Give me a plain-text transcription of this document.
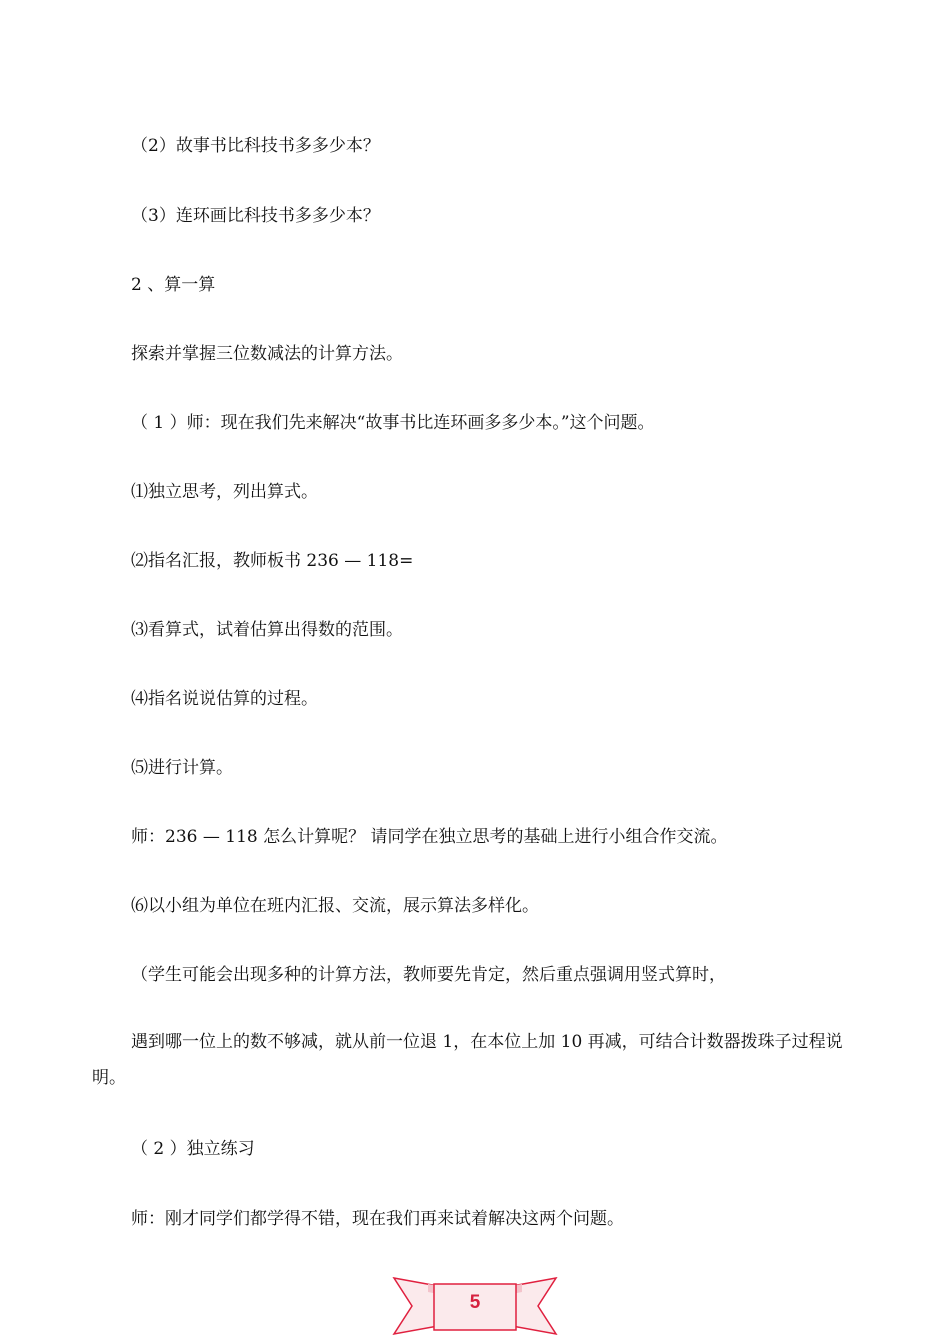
（2）故事书比科技书多多少本？
（3）连环画比科技书多多少本？
2 、算一算
探索并掌握三位数减法的计算方法。
（ 1 ）师：现在我们先来解决“故事书比连环画多多少本。”这个问题。
⑴独立思考，列出算式。
⑵指名汇报，教师板书 236 — 118=
⑶看算式，试着估算出得数的范围。
⑷指名说说估算的过程。
⑸进行计算。
师：236 — 118 怎么计算呢？ 请同学在独立思考的基础上进行小组合作交流。
⑹以小组为单位在班内汇报、交流，展示算法多样化。
（学生可能会出现多种的计算方法，教师要先肯定，然后重点强调用竖式算时，
遇到哪一位上的数不够减，就从前一位退 1，在本位上加 10 再减，可结合计数器拨珠子过程说明。
（ 2 ）独立练习
师：刚才同学们都学得不错，现在我们再来试着解决这两个问题。
5
